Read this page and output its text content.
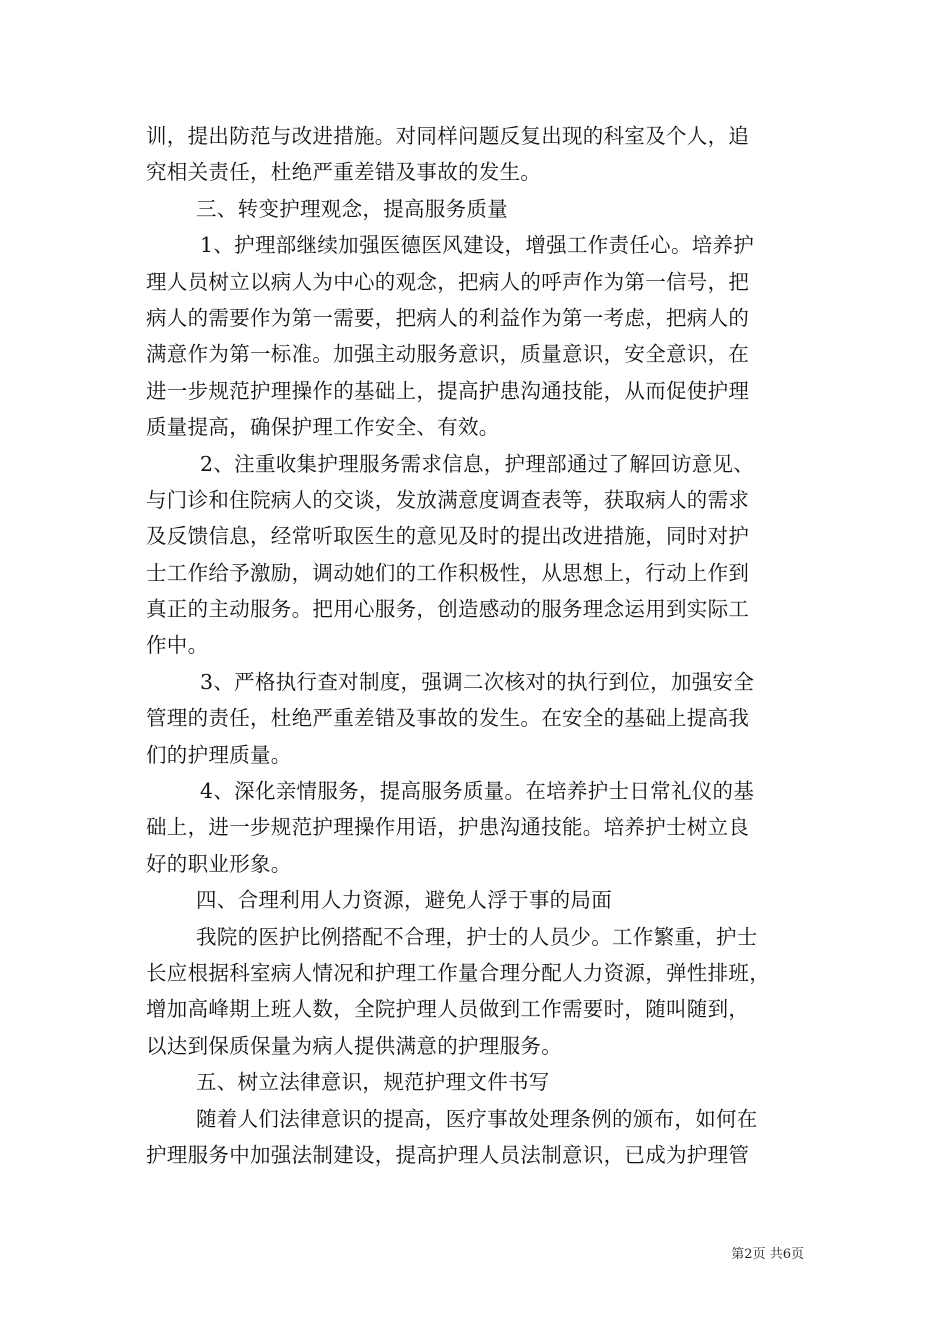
训，提出防范与改进措施。对同样问题反复出现的科室及个人，追
究相关责任，杜绝严重差错及事故的发生。
三、转变护理观念，提高服务质量
1、护理部继续加强医德医风建设，增强工作责任心。培养护
理人员树立以病人为中心的观念，把病人的呼声作为第一信号，把
病人的需要作为第一需要，把病人的利益作为第一考虑，把病人的
满意作为第一标准。加强主动服务意识，质量意识，安全意识，在
进一步规范护理操作的基础上，提高护患沟通技能，从而促使护理
质量提高，确保护理工作安全、有效。
2、注重收集护理服务需求信息，护理部通过了解回访意见、
与门诊和住院病人的交谈，发放满意度调查表等，获取病人的需求
及反馈信息，经常听取医生的意见及时的提出改进措施，同时对护
士工作给予激励，调动她们的工作积极性，从思想上，行动上作到
真正的主动服务。把用心服务，创造感动的服务理念运用到实际工
作中。
3、严格执行查对制度，强调二次核对的执行到位，加强安全
管理的责任，杜绝严重差错及事故的发生。在安全的基础上提高我
们的护理质量。
4、深化亲情服务，提高服务质量。在培养护士日常礼仪的基
础上，进一步规范护理操作用语，护患沟通技能。培养护士树立良
好的职业形象。
四、合理利用人力资源，避免人浮于事的局面
我院的医护比例搭配不合理，护士的人员少。工作繁重，护士
长应根据科室病人情况和护理工作量合理分配人力资源，弹性排班，
增加高峰期上班人数，全院护理人员做到工作需要时，随叫随到，
以达到保质保量为病人提供满意的护理服务。
五、树立法律意识，规范护理文件书写
随着人们法律意识的提高，医疗事故处理条例的颁布，如何在
护理服务中加强法制建设，提高护理人员法制意识，已成为护理管
第2页 共6页
